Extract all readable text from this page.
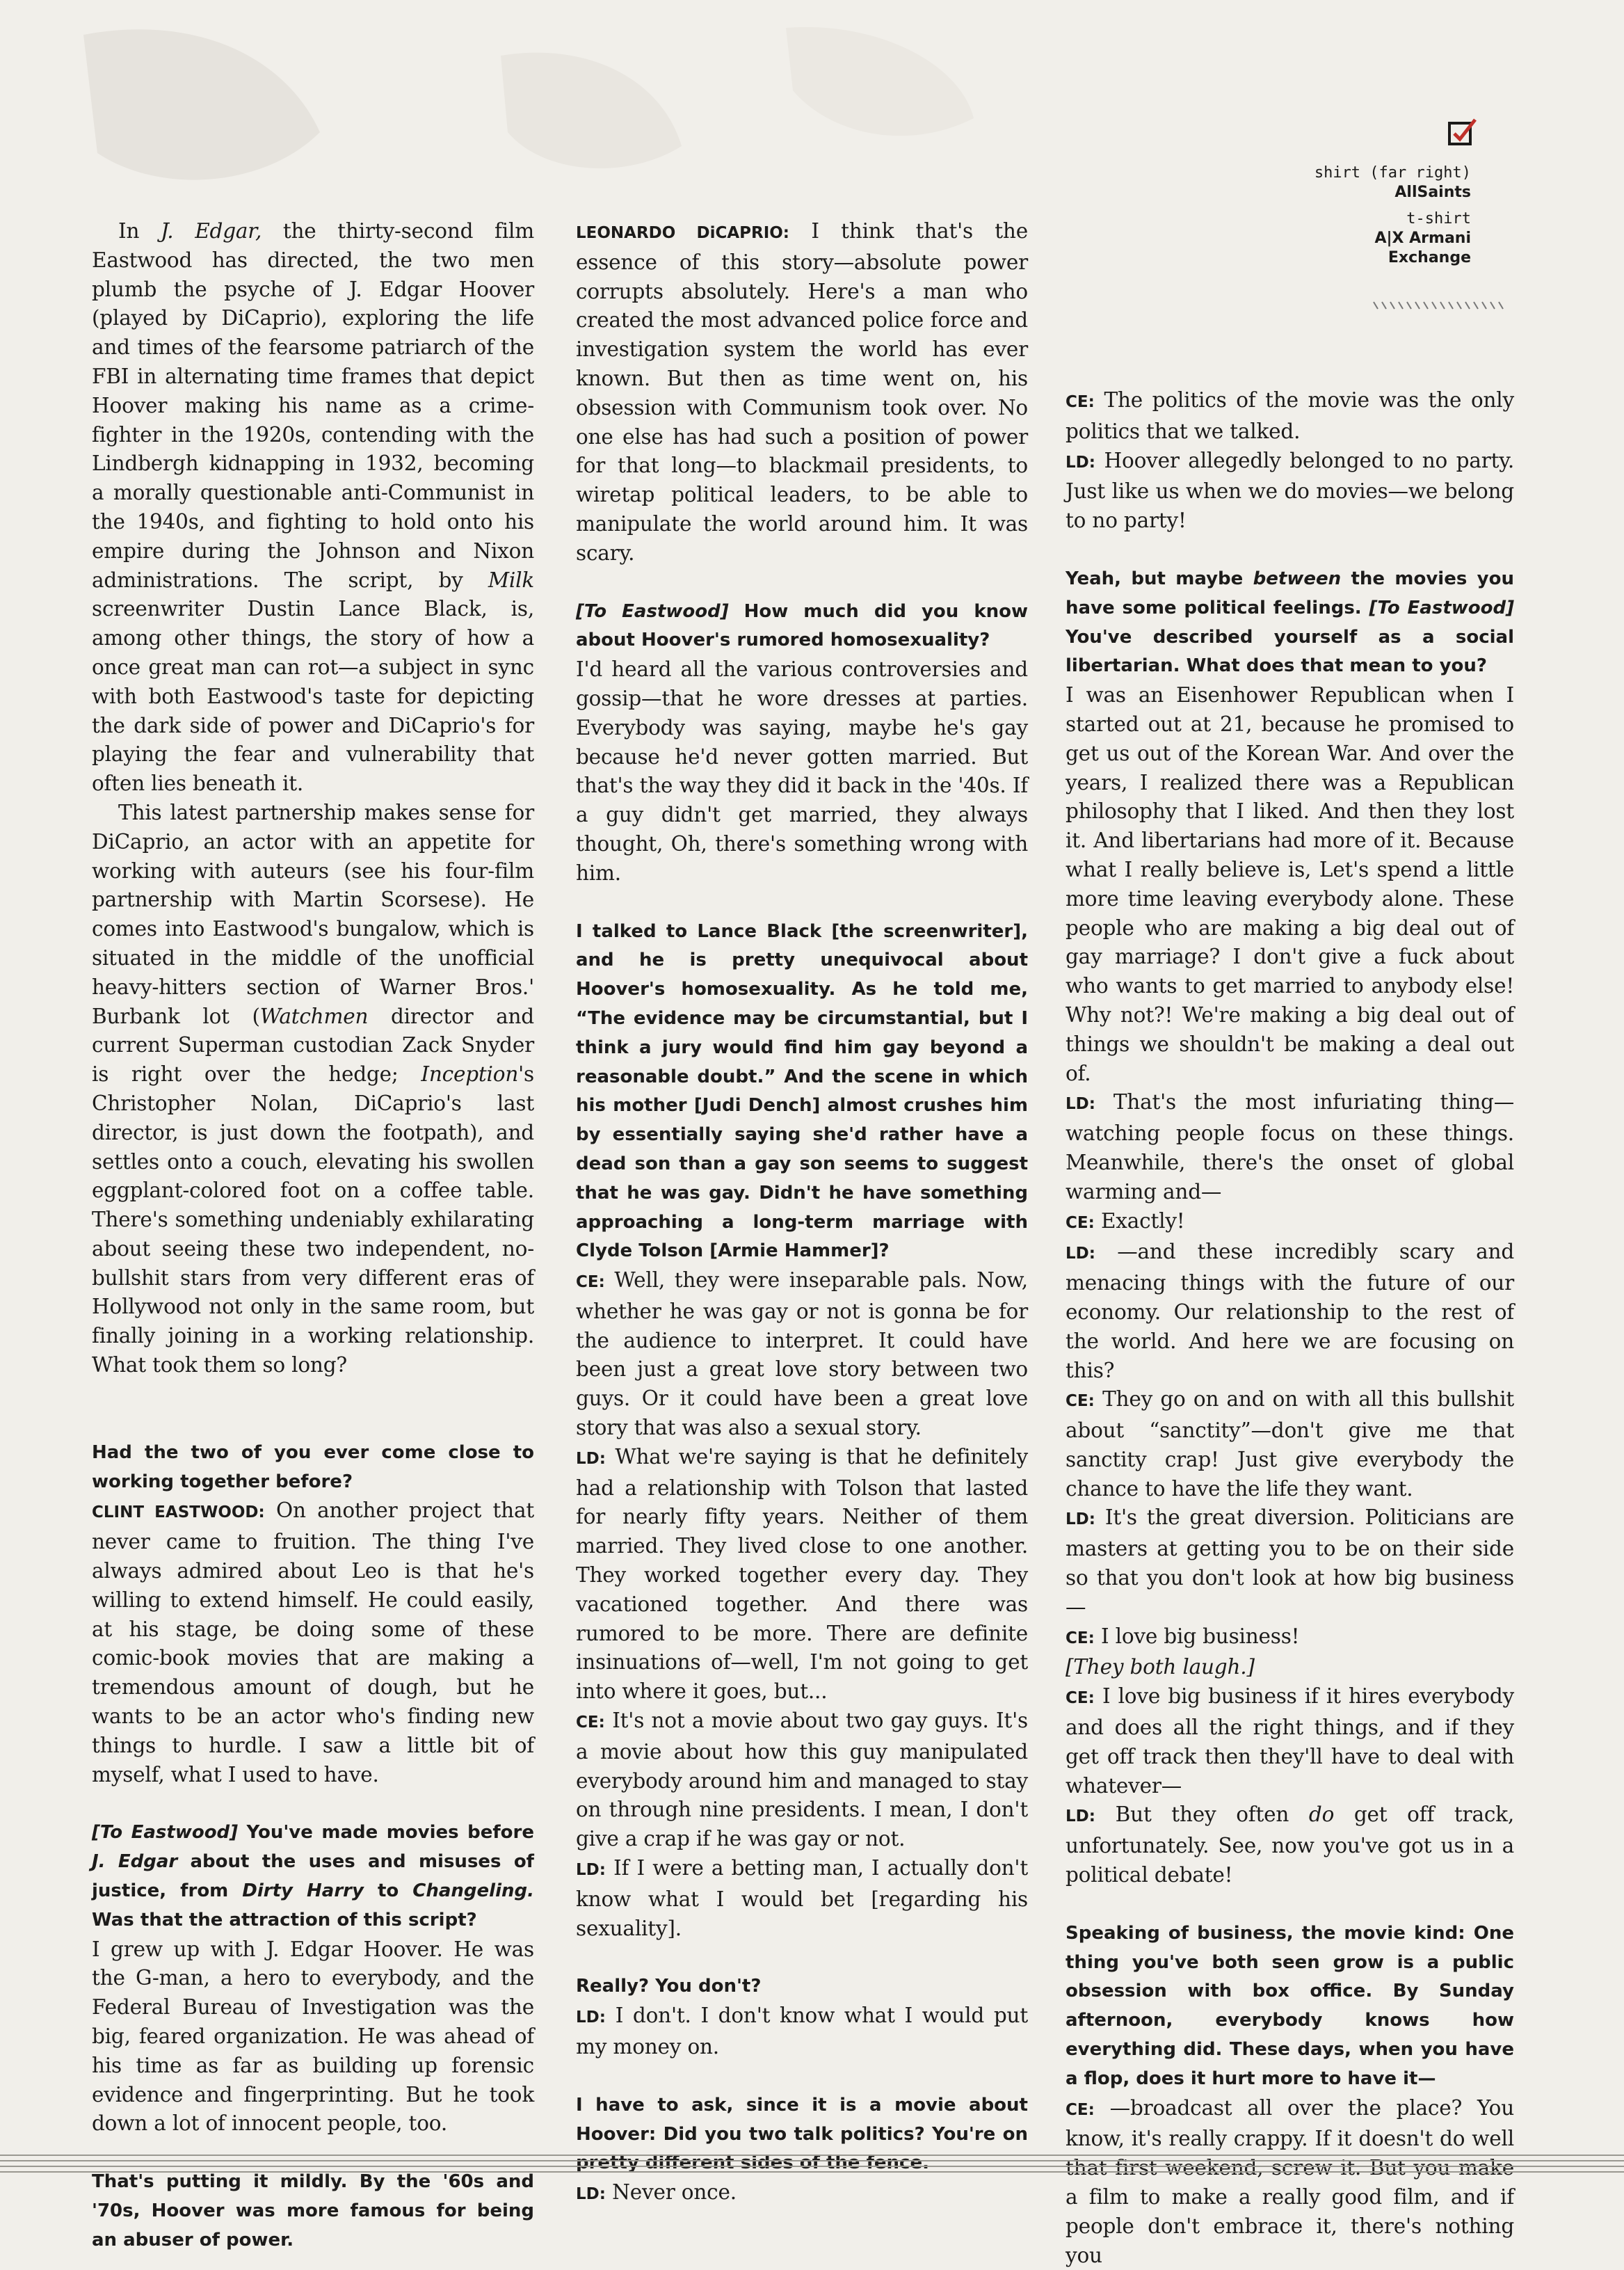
shirt (far right)
AllSaints
t-shirt
A|X Armani
Exchange

In J. Edgar, the thirty-second film Eastwood has directed, the two men plumb the psyche of J. Edgar Hoover (played by DiCaprio), exploring the life and times of the fearsome patriarch of the FBI in alternating time frames that depict Hoover making his name as a crime-fighter in the 1920s, contending with the Lindbergh kidnapping in 1932, becoming a morally questionable anti-Communist in the 1940s, and fighting to hold onto his empire during the Johnson and Nixon administrations. The script, by Milk screenwriter Dustin Lance Black, is, among other things, the story of how a once great man can rot—a subject in sync with both Eastwood's taste for depicting the dark side of power and DiCaprio's for playing the fear and vulnerability that often lies beneath it.

This latest partnership makes sense for DiCaprio, an actor with an appetite for working with auteurs (see his four-film partnership with Martin Scorsese). He comes into Eastwood's bungalow, which is situated in the middle of the unofficial heavy-hitters section of Warner Bros.' Burbank lot (Watchmen director and current Superman custodian Zack Snyder is right over the hedge; Inception's Christopher Nolan, DiCaprio's last director, is just down the footpath), and settles onto a couch, elevating his swollen eggplant-colored foot on a coffee table. There's something undeniably exhilarating about seeing these two independent, no-bullshit stars from very different eras of Hollywood not only in the same room, but finally joining in a working relationship. What took them so long?

Had the two of you ever come close to working together before?

CLINT EASTWOOD: On another project that never came to fruition. The thing I've always admired about Leo is that he's willing to extend himself. He could easily, at his stage, be doing some of these comic-book movies that are making a tremendous amount of dough, but he wants to be an actor who's finding new things to hurdle. I saw a little bit of myself, what I used to have.

[To Eastwood] You've made movies before J. Edgar about the uses and misuses of justice, from Dirty Harry to Changeling. Was that the attraction of this script?

I grew up with J. Edgar Hoover. He was the G-man, a hero to everybody, and the Federal Bureau of Investigation was the big, feared organization. He was ahead of his time as far as building up forensic evidence and fingerprinting. But he took down a lot of innocent people, too.

That's putting it mildly. By the '60s and '70s, Hoover was more famous for being an abuser of power.

LEONARDO DiCAPRIO: I think that's the essence of this story—absolute power corrupts absolutely. Here's a man who created the most advanced police force and investigation system the world has ever known. But then as time went on, his obsession with Communism took over. No one else has had such a position of power for that long—to blackmail presidents, to wiretap political leaders, to be able to manipulate the world around him. It was scary.

[To Eastwood] How much did you know about Hoover's rumored homosexuality?

I'd heard all the various controversies and gossip—that he wore dresses at parties. Everybody was saying, maybe he's gay because he'd never gotten married. But that's the way they did it back in the '40s. If a guy didn't get married, they always thought, Oh, there's something wrong with him.

I talked to Lance Black [the screenwriter], and he is pretty unequivocal about Hoover's homosexuality. As he told me, “The evidence may be circumstantial, but I think a jury would find him gay beyond a reasonable doubt.” And the scene in which his mother [Judi Dench] almost crushes him by essentially saying she'd rather have a dead son than a gay son seems to suggest that he was gay. Didn't he have something approaching a long-term marriage with Clyde Tolson [Armie Hammer]?

CE: Well, they were inseparable pals. Now, whether he was gay or not is gonna be for the audience to interpret. It could have been just a great love story between two guys. Or it could have been a great love story that was also a sexual story.

LD: What we're saying is that he definitely had a relationship with Tolson that lasted for nearly fifty years. Neither of them married. They lived close to one another. They worked together every day. They vacationed together. And there was rumored to be more. There are definite insinuations of—well, I'm not going to get into where it goes, but...

CE: It's not a movie about two gay guys. It's a movie about how this guy manipulated everybody around him and managed to stay on through nine presidents. I mean, I don't give a crap if he was gay or not.

LD: If I were a betting man, I actually don't know what I would bet [regarding his sexuality].

Really? You don't?

LD: I don't. I don't know what I would put my money on.

I have to ask, since it is a movie about Hoover: Did you two talk politics? You're on pretty different sides of the fence.

LD: Never once.

CE: The politics of the movie was the only politics that we talked.

LD: Hoover allegedly belonged to no party. Just like us when we do movies—we belong to no party!

Yeah, but maybe between the movies you have some political feelings. [To Eastwood] You've described yourself as a social libertarian. What does that mean to you?

I was an Eisenhower Republican when I started out at 21, because he promised to get us out of the Korean War. And over the years, I realized there was a Republican philosophy that I liked. And then they lost it. And libertarians had more of it. Because what I really believe is, Let's spend a little more time leaving everybody alone. These people who are making a big deal out of gay marriage? I don't give a fuck about who wants to get married to anybody else! Why not?! We're making a big deal out of things we shouldn't be making a deal out of.

LD: That's the most infuriating thing—watching people focus on these things. Meanwhile, there's the onset of global warming and—

CE: Exactly!

LD: —and these incredibly scary and menacing things with the future of our economy. Our relationship to the rest of the world. And here we are focusing on this?

CE: They go on and on with all this bullshit about “sanctity”—don't give me that sanctity crap! Just give everybody the chance to have the life they want.

LD: It's the great diversion. Politicians are masters at getting you to be on their side so that you don't look at how big business—

CE: I love big business!

[They both laugh.]

CE: I love big business if it hires everybody and does all the right things, and if they get off track then they'll have to deal with whatever—

LD: But they often do get off track, unfortunately. See, now you've got us in a political debate!

Speaking of business, the movie kind: One thing you've both seen grow is a public obsession with box office. By Sunday afternoon, everybody knows how everything did. These days, when you have a flop, does it hurt more to have it—

CE: —broadcast all over the place? You know, it's really crappy. If it doesn't do well that first weekend, screw it. But you make a film to make a really good film, and if people don't embrace it, there's nothing you
